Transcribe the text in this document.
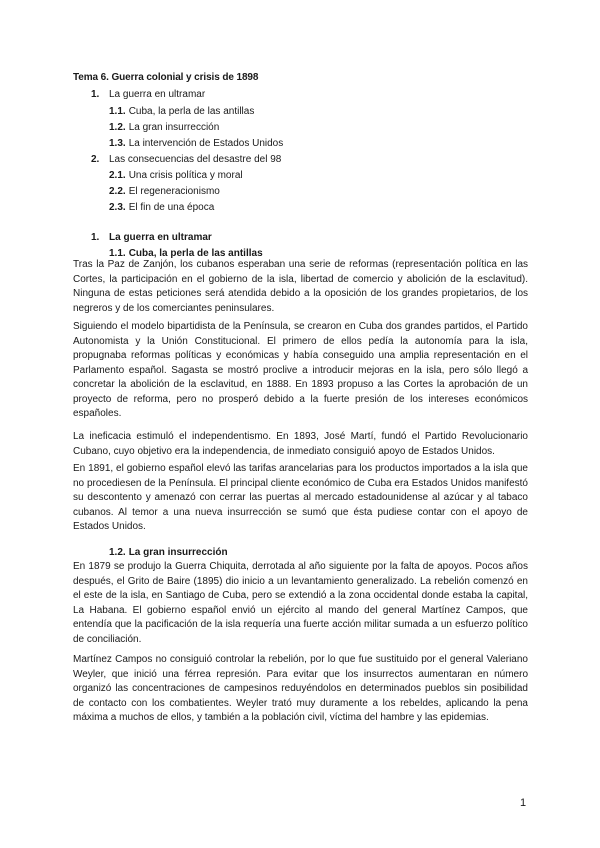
Tema 6. Guerra colonial y crisis de 1898
1. La guerra en ultramar
1.1. Cuba, la perla de las antillas
1.2. La gran insurrección
1.3. La intervención de Estados Unidos
2. Las consecuencias del desastre del 98
2.1. Una crisis política y moral
2.2. El regeneracionismo
2.3. El fin de una época
1. La guerra en ultramar
1.1. Cuba, la perla de las antillas

Tras la Paz de Zanjón, los cubanos esperaban una serie de reformas (representación política en las Cortes, la participación en el gobierno de la isla, libertad de comercio y abolición de la esclavitud). Ninguna de estas peticiones será atendida debido a la oposición de los grandes propietarios, de los negreros y de los comerciantes peninsulares.

Siguiendo el modelo bipartidista de la Península, se crearon en Cuba dos grandes partidos, el Partido Autonomista y la Unión Constitucional. El primero de ellos pedía la autonomía para la isla, propugnaba reformas políticas y económicas y había conseguido una amplia representación en el Parlamento español. Sagasta se mostró proclive a introducir mejoras en la isla, pero sólo llegó a concretar la abolición de la esclavitud, en 1888. En 1893 propuso a las Cortes la aprobación de un proyecto de reforma, pero no prosperó debido a la fuerte presión de los intereses económicos españoles.

La ineficacia estimuló el independentismo. En 1893, José Martí, fundó el Partido Revolucionario Cubano, cuyo objetivo era la independencia, de inmediato consiguió apoyo de Estados Unidos.

En 1891, el gobierno español elevó las tarifas arancelarias para los productos importados a la isla que no procediesen de la Península. El principal cliente económico de Cuba era Estados Unidos manifestó su descontento y amenazó con cerrar las puertas al mercado estadounidense al azúcar y al tabaco cubanos. Al temor a una nueva insurrección se sumó que ésta pudiese contar con el apoyo de Estados Unidos.

1.2. La gran insurrección

En 1879 se produjo la Guerra Chiquita, derrotada al año siguiente por la falta de apoyos. Pocos años después, el Grito de Baire (1895) dio inicio a un levantamiento generalizado. La rebelión comenzó en el este de la isla, en Santiago de Cuba, pero se extendió a la zona occidental donde estaba la capital, La Habana. El gobierno español envió un ejército al mando del general Martínez Campos, que entendía que la pacificación de la isla requería una fuerte acción militar sumada a un esfuerzo político de conciliación.

Martínez Campos no consiguió controlar la rebelión, por lo que fue sustituido por el general Valeriano Weyler, que inició una férrea represión. Para evitar que los insurrectos aumentaran en número organizó las concentraciones de campesinos reduyéndolos en determinados pueblos sin posibilidad de contacto con los combatientes. Weyler trató muy duramente a los rebeldes, aplicando la pena máxima a muchos de ellos, y también a la población civil, víctima del hambre y las epidemias.

1
